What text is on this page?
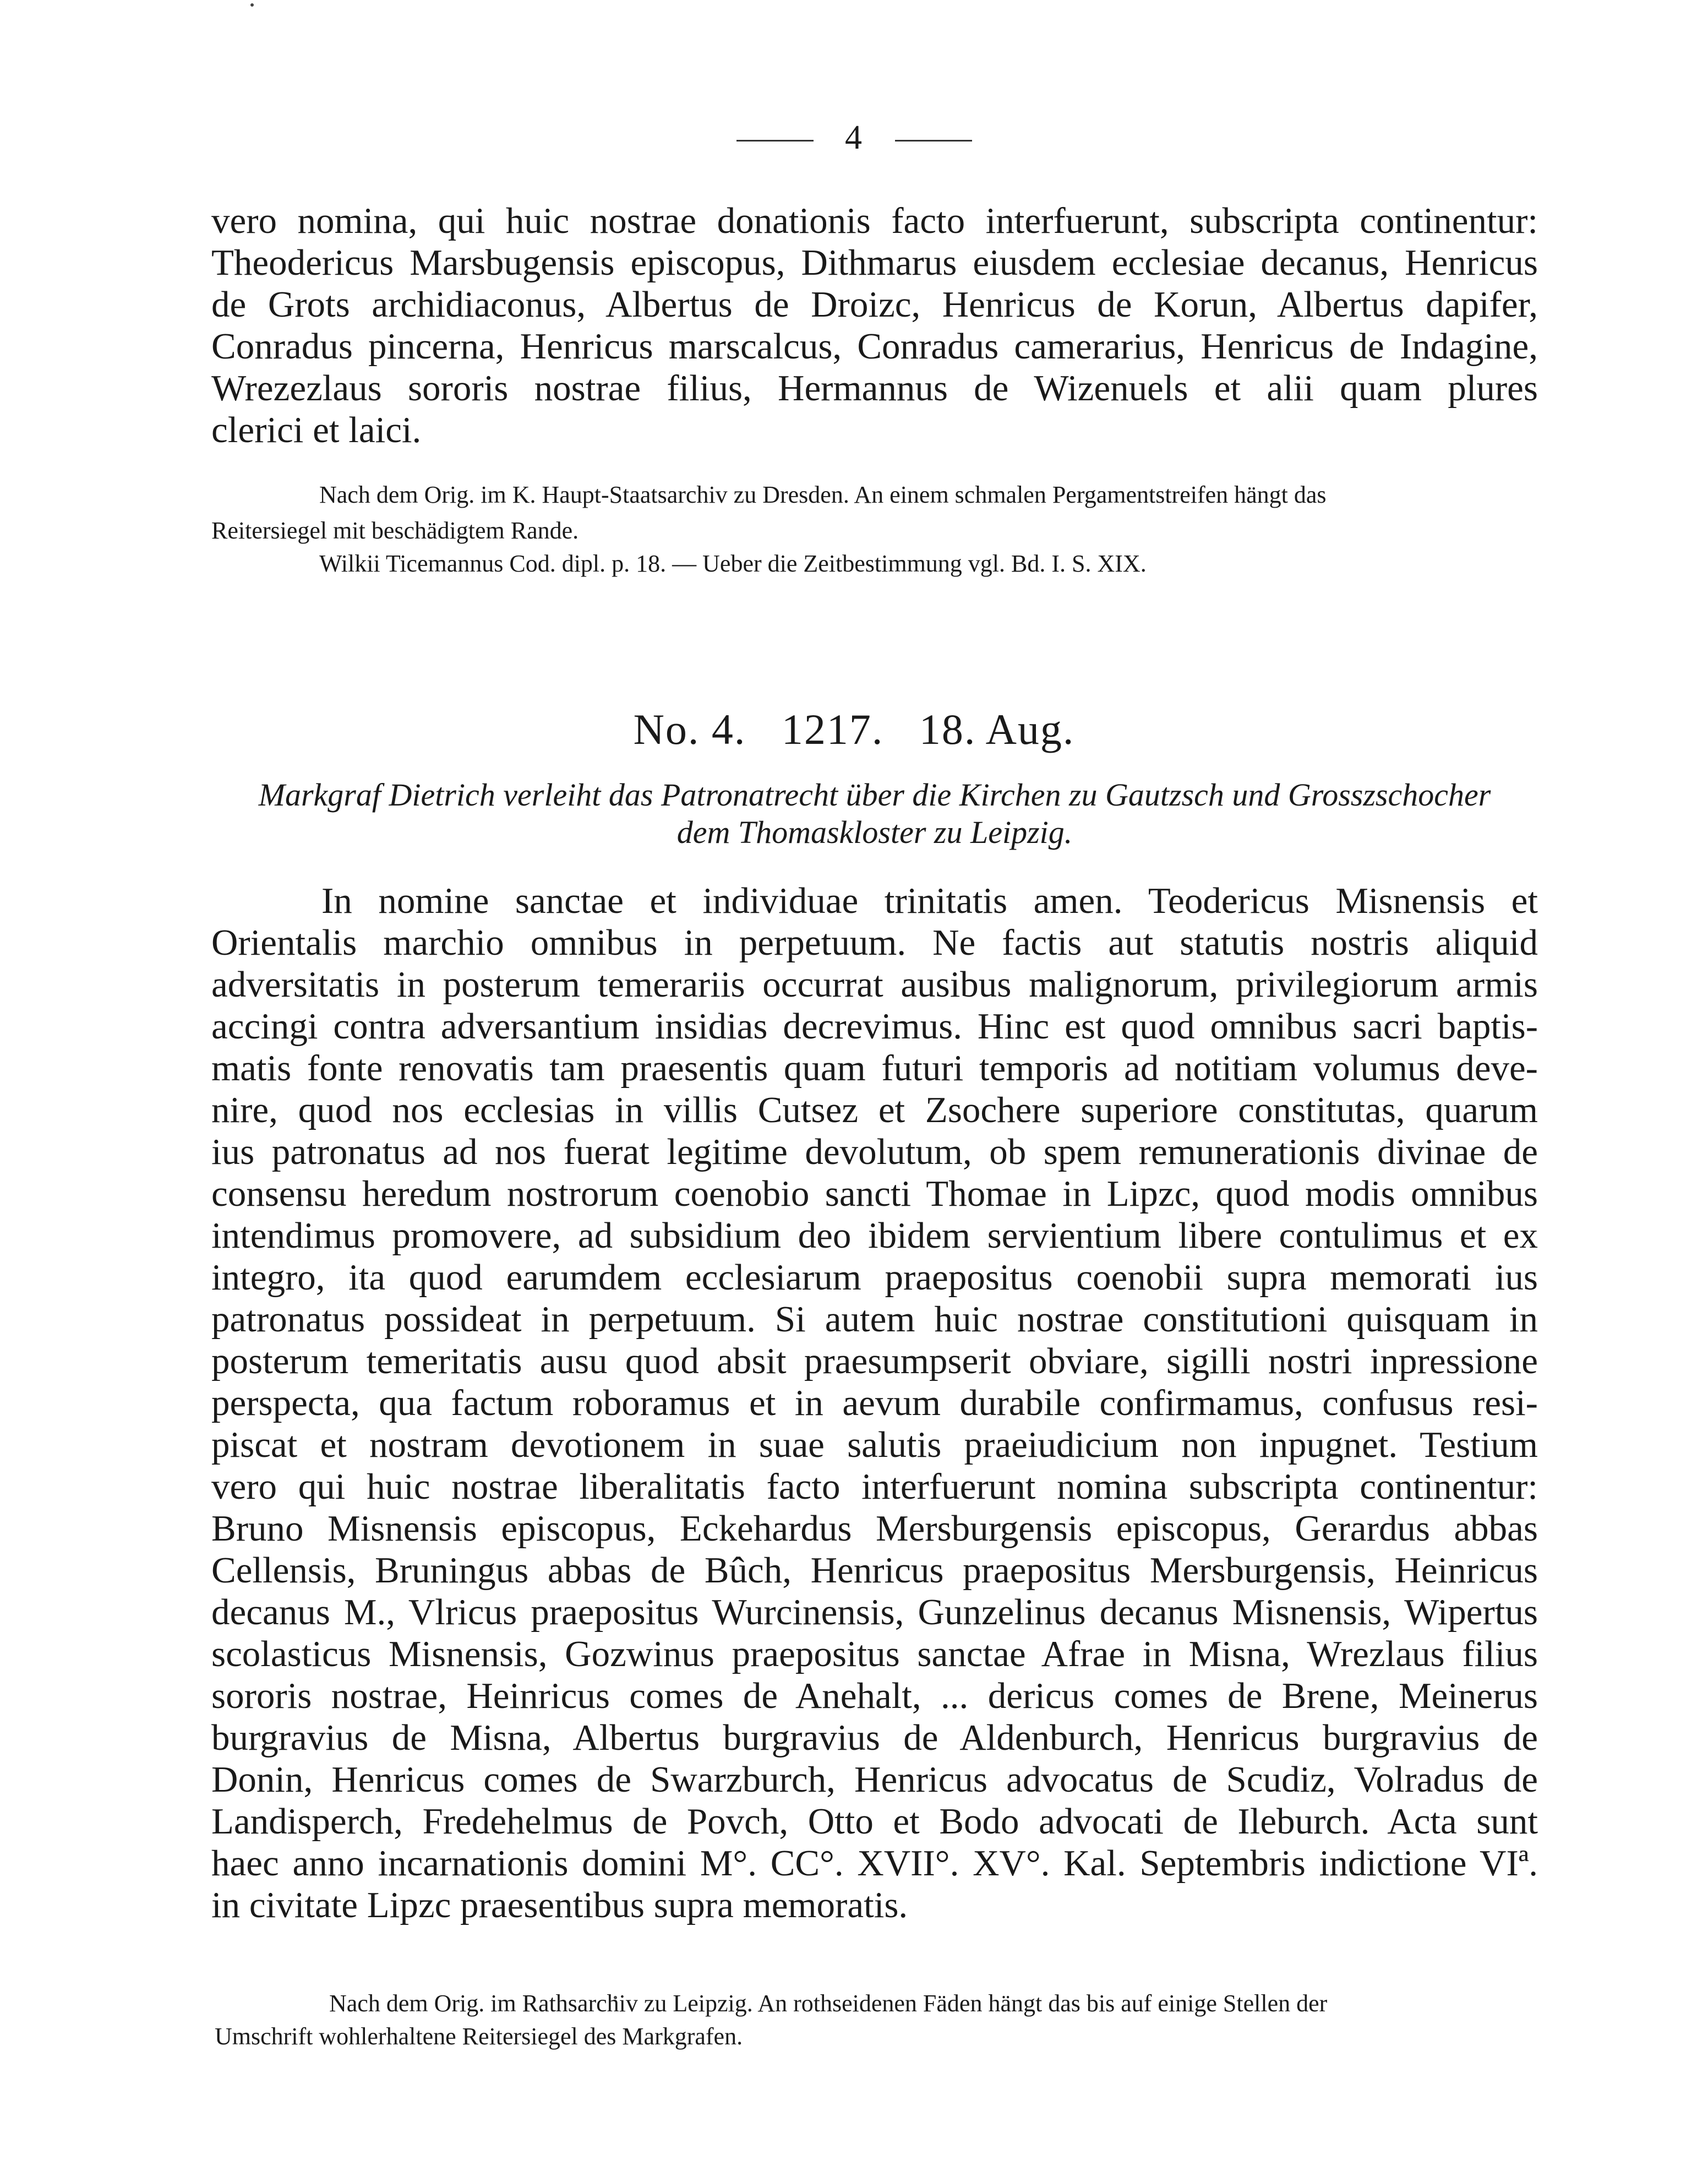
4
vero nomina, qui huic nostrae donationis facto interfuerunt, subscripta continentur:
Theodericus Marsbugensis episcopus, Dithmarus eiusdem ecclesiae decanus, Henricus
de Grots archidiaconus, Albertus de Droizc, Henricus de Korun, Albertus dapifer,
Conradus pincerna, Henricus marscalcus, Conradus camerarius, Henricus de Indagine,
Wrezezlaus sororis nostrae filius, Hermannus de Wizenuels et alii quam plures
clerici et laici.
Nach dem Orig. im K. Haupt-Staatsarchiv zu Dresden. An einem schmalen Pergamentstreifen hängt das
Reitersiegel mit beschädigtem Rande.
Wilkii Ticemannus Cod. dipl. p. 18. — Ueber die Zeitbestimmung vgl. Bd. I. S. XIX.
No. 4.   1217.   18. Aug.
Markgraf Dietrich verleiht das Patronatrecht über die Kirchen zu Gautzsch und Grosszschocher
dem Thomaskloster zu Leipzig.
In nomine sanctae et individuae trinitatis amen. Teodericus Misnensis et
Orientalis marchio omnibus in perpetuum. Ne factis aut statutis nostris aliquid
adversitatis in posterum temerariis occurrat ausibus malignorum, privilegiorum armis
accingi contra adversantium insidias decrevimus. Hinc est quod omnibus sacri baptis-
matis fonte renovatis tam praesentis quam futuri temporis ad notitiam volumus deve-
nire, quod nos ecclesias in villis Cutsez et Zsochere superiore constitutas, quarum
ius patronatus ad nos fuerat legitime devolutum, ob spem remunerationis divinae de
consensu heredum nostrorum coenobio sancti Thomae in Lipzc, quod modis omnibus
intendimus promovere, ad subsidium deo ibidem servientium libere contulimus et ex
integro, ita quod earumdem ecclesiarum praepositus coenobii supra memorati ius
patronatus possideat in perpetuum. Si autem huic nostrae constitutioni quisquam in
posterum temeritatis ausu quod absit praesumpserit obviare, sigilli nostri inpressione
perspecta, qua factum roboramus et in aevum durabile confirmamus, confusus resi-
piscat et nostram devotionem in suae salutis praeiudicium non inpugnet. Testium
vero qui huic nostrae liberalitatis facto interfuerunt nomina subscripta continentur:
Bruno Misnensis episcopus, Eckehardus Mersburgensis episcopus, Gerardus abbas
Cellensis, Bruningus abbas de Bûch, Henricus praepositus Mersburgensis, Heinricus
decanus M., Vlricus praepositus Wurcinensis, Gunzelinus decanus Misnensis, Wipertus
scolasticus Misnensis, Gozwinus praepositus sanctae Afrae in Misna, Wrezlaus filius
sororis nostrae, Heinricus comes de Anehalt, ... dericus comes de Brene, Meinerus
burgravius de Misna, Albertus burgravius de Aldenburch, Henricus burgravius de
Donin, Henricus comes de Swarzburch, Henricus advocatus de Scudiz, Volradus de
Landisperch, Fredehelmus de Povch, Otto et Bodo advocati de Ileburch. Acta sunt
haec anno incarnationis domini M°. CC°. XVII°. XV°. Kal. Septembris indictione VIª.
in civitate Lipzc praesentibus supra memoratis.
Nach dem Orig. im Rathsarchiv zu Leipzig. An rothseidenen Fäden hängt das bis auf einige Stellen der
Umschrift wohlerhaltene Reitersiegel des Markgrafen.
